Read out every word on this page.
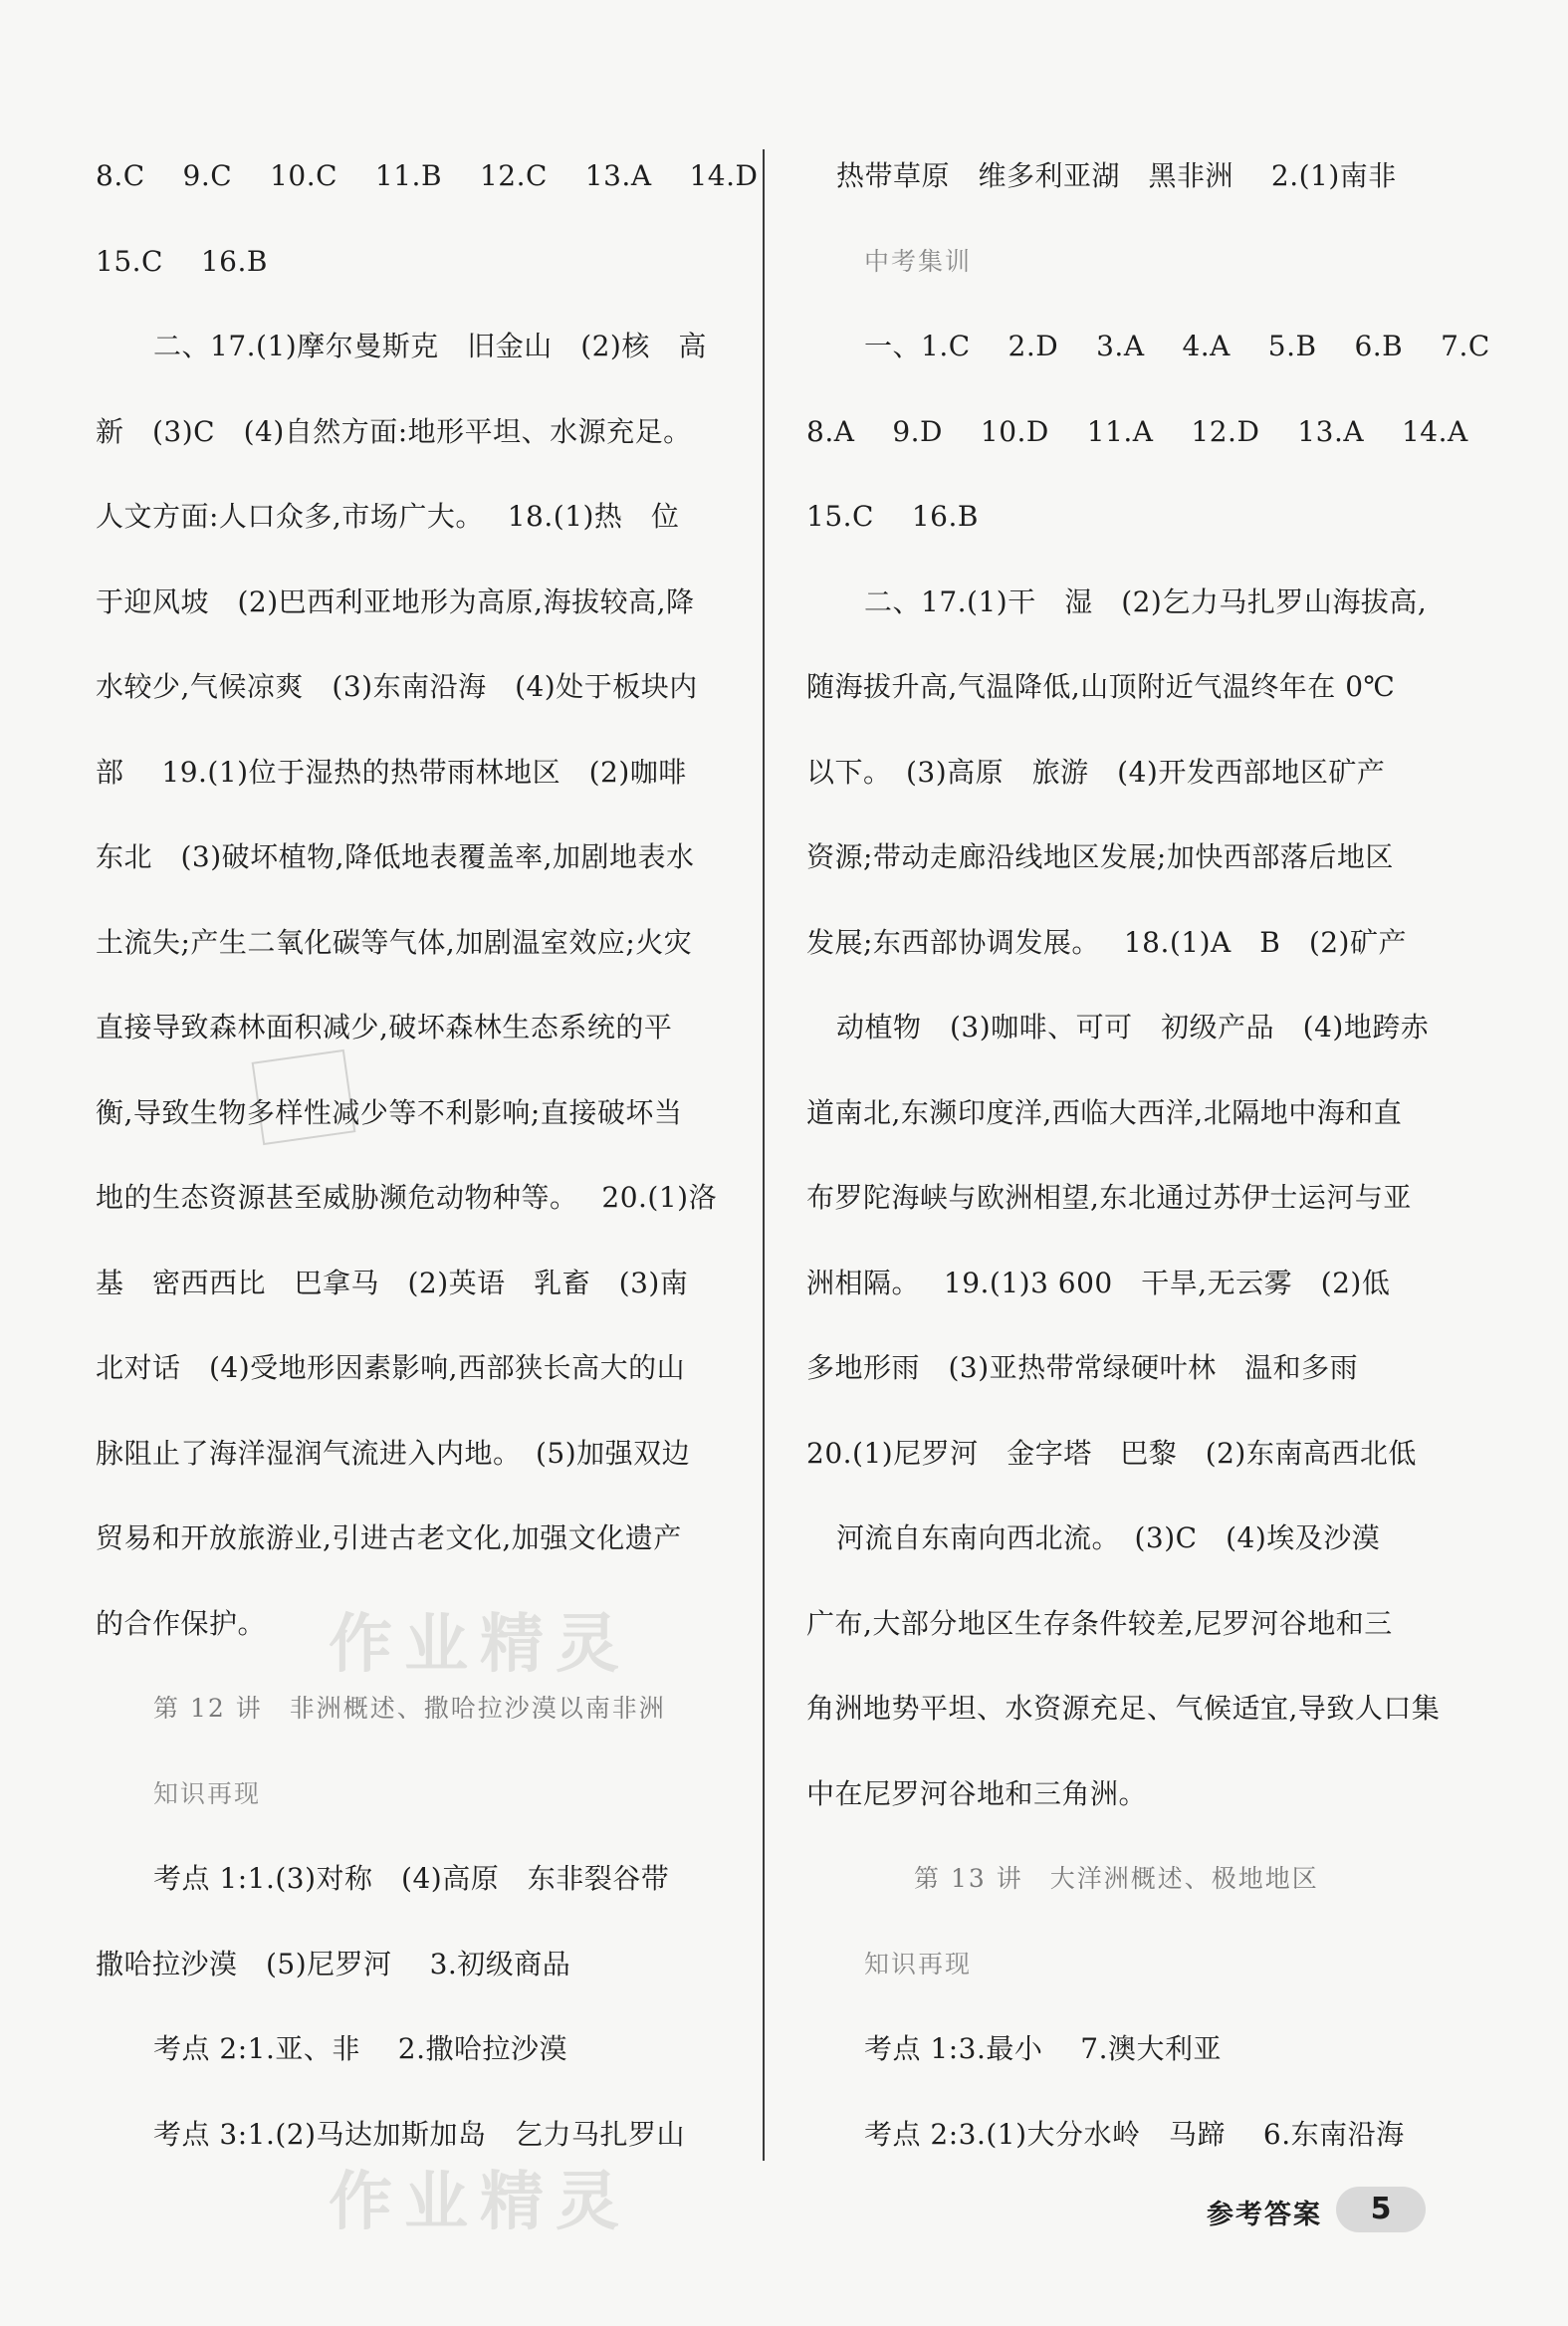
8.C　 9.C　 10.C　 11.B　 12.C　 13.A　 14.D
15.C　 16.B
二、17.(1)摩尔曼斯克　旧金山　(2)核　高
新　(3)C　(4)自然方面:地形平坦、水源充足。
人文方面:人口众多,市场广大。　 18.(1)热　位
于迎风坡　(2)巴西利亚地形为高原,海拔较高,降
水较少,气候凉爽　(3)东南沿海　(4)处于板块内
部　 19.(1)位于湿热的热带雨林地区　(2)咖啡
东北　(3)破坏植物,降低地表覆盖率,加剧地表水
土流失;产生二氧化碳等气体,加剧温室效应;火灾
直接导致森林面积减少,破坏森林生态系统的平
衡,导致生物多样性减少等不利影响;直接破坏当
地的生态资源甚至威胁濒危动物种等。　 20.(1)洛
基　密西西比　巴拿马　(2)英语　乳畜　(3)南
北对话　(4)受地形因素影响,西部狭长高大的山
脉阻止了海洋湿润气流进入内地。　(5)加强双边
贸易和开放旅游业,引进古老文化,加强文化遗产
的合作保护。
第 12 讲　非洲概述、撒哈拉沙漠以南非洲
知识再现
考点 1:1.(3)对称　(4)高原　东非裂谷带
撒哈拉沙漠　(5)尼罗河　 3.初级商品
考点 2:1.亚、非　 2.撒哈拉沙漠
考点 3:1.(2)马达加斯加岛　乞力马扎罗山
热带草原　维多利亚湖　黑非洲　 2.(1)南非
中考集训
一、1.C　 2.D　 3.A　 4.A　 5.B　 6.B　 7.C
8.A　 9.D　 10.D　 11.A　 12.D　 13.A　 14.A
15.C　 16.B
二、17.(1)干　湿　(2)乞力马扎罗山海拔高,
随海拔升高,气温降低,山顶附近气温终年在 0℃
以下。　(3)高原　旅游　(4)开发西部地区矿产
资源;带动走廊沿线地区发展;加快西部落后地区
发展;东西部协调发展。　 18.(1)A　B　(2)矿产
动植物　(3)咖啡、可可　初级产品　(4)地跨赤
道南北,东濒印度洋,西临大西洋,北隔地中海和直
布罗陀海峡与欧洲相望,东北通过苏伊士运河与亚
洲相隔。　 19.(1)3 600　干旱,无云雾　(2)低
多地形雨　(3)亚热带常绿硬叶林　温和多雨
20.(1)尼罗河　金字塔　巴黎　(2)东南高西北低
河流自东南向西北流。　(3)C　(4)埃及沙漠
广布,大部分地区生存条件较差,尼罗河谷地和三
角洲地势平坦、水资源充足、气候适宜,导致人口集
中在尼罗河谷地和三角洲。
第 13 讲　大洋洲概述、极地地区
知识再现
考点 1:3.最小　 7.澳大利亚
考点 2:3.(1)大分水岭　马蹄　 6.东南沿海
作业精灵
作业精灵	参考答案	5
